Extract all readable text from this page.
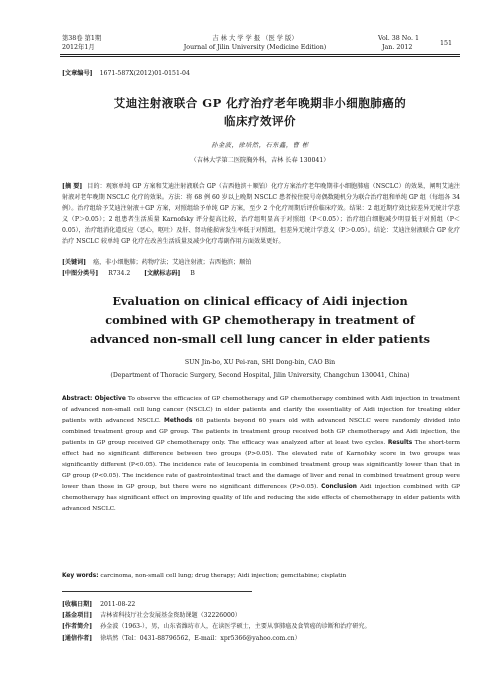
第38卷 第1期
2012年1月
吉 林 大 学 学 报 （医 学 版）
Journal of Jilin University (Medicine Edition)
Vol. 38 No. 1
Jan. 2012
151
[文章编号] 1671-587X(2012)01-0151-04
艾迪注射液联合 GP 化疗治疗老年晚期非小细胞肺癌的
临床疗效评价
孙金波，徐培然，石东鑫，曹 彬
（吉林大学第二医院胸外科，吉林 长春 130041）
[摘 要] 目的：观察单纯 GP 方案和艾迪注射液联合 GP（吉西他滨＋顺铂）化疗方案治疗老年晚期非小细胞肺癌（NSCLC）的效果，阐明艾迪注射液对老年晚期 NSCLC 化疗的效果。方法：将 68 例 60 岁以上晚期 NSCLC 患者按住院号奇偶数随机分为联合治疗组和单纯 GP 组（每组各 34 例）。治疗组给予艾迪注射液＋GP 方案，对照组给予单纯 GP 方案，至少 2 个化疗周期后评价临床疗效。结果：2 组近期疗效比较差异无统计学意义（P＞0.05）；2 组患者生活质量 Karnofsky 评分提高比较，治疗组明显高于对照组（P＜0.05）；治疗组白细胞减少明显低于对照组（P＜0.05），治疗组消化道反应（恶心，呕吐）及肝、肾功能损害发生率低于对照组，但差异无统计学意义（P＞0.05）。结论：艾迪注射液联合 GP 化疗治疗 NSCLC 较单纯 GP 化疗在改善生活质量及减少化疗毒副作用方面效果更好。
[关键词] 癌，非小细胞肺；药物疗法；艾迪注射液；吉西他滨；顺铂
[中图分类号] R734.2 [文献标志码] B
Evaluation on clinical efficacy of Aidi injection
combined with GP chemotherapy in treatment of
advanced non-small cell lung cancer in elder patients
SUN Jin-bo, XU Pei-ran, SHI Dong-bin, CAO Bin
(Department of Thoracic Surgery, Second Hospital, Jilin University, Changchun 130041, China)
Abstract: Objective To observe the efficacies of GP chemotherapy and GP chemotherapy combined with Aidi injection in treatment of advanced non-small cell lung cancer (NSCLC) in elder patients and clarify the essentiality of Aidi injection for treating elder patients with advanced NSCLC. Methods 68 patients beyond 60 years old with advanced NSCLC were randomly divided into combined treatment group and GP group. The patients in treatment group received both GP chemotherapy and Aidi injection, the patients in GP group received GP chemotherapy only. The efficacy was analyzed after at least two cycles. Results The short-term effect had no significant difference between two groups (P>0.05). The elevated rate of Karnofsky score in two groups was significantly different (P<0.05). The incidence rate of leucopenia in combined treatment group was significantly lower than that in GP group (P<0.05). The incidence rate of gastrointestinal tract and the damage of liver and renal in combined treatment group were lower than those in GP group, but there were no significant differences (P>0.05). Conclusion Aidi injection combined with GP chemotherapy has significant effect on improving quality of life and reducing the side effects of chemotherapy in elder patients with advanced NSCLC.
Key words: carcinoma, non-small cell lung; drug therapy; Aidi injection; gemcitabine; cisplatin
[收稿日期] 2011-08-22
[基金项目] 吉林省科技厅社会发展基金资助课题（32226000）
[作者简介] 孙金波（1963-），男，山东省潍坊市人，在读医学硕士，主要从事肺癌及食管癌的诊断和治疗研究。
[通信作者] 徐培然（Tel：0431-88796562，E-mail：xpr5366@yahoo.com.cn）
